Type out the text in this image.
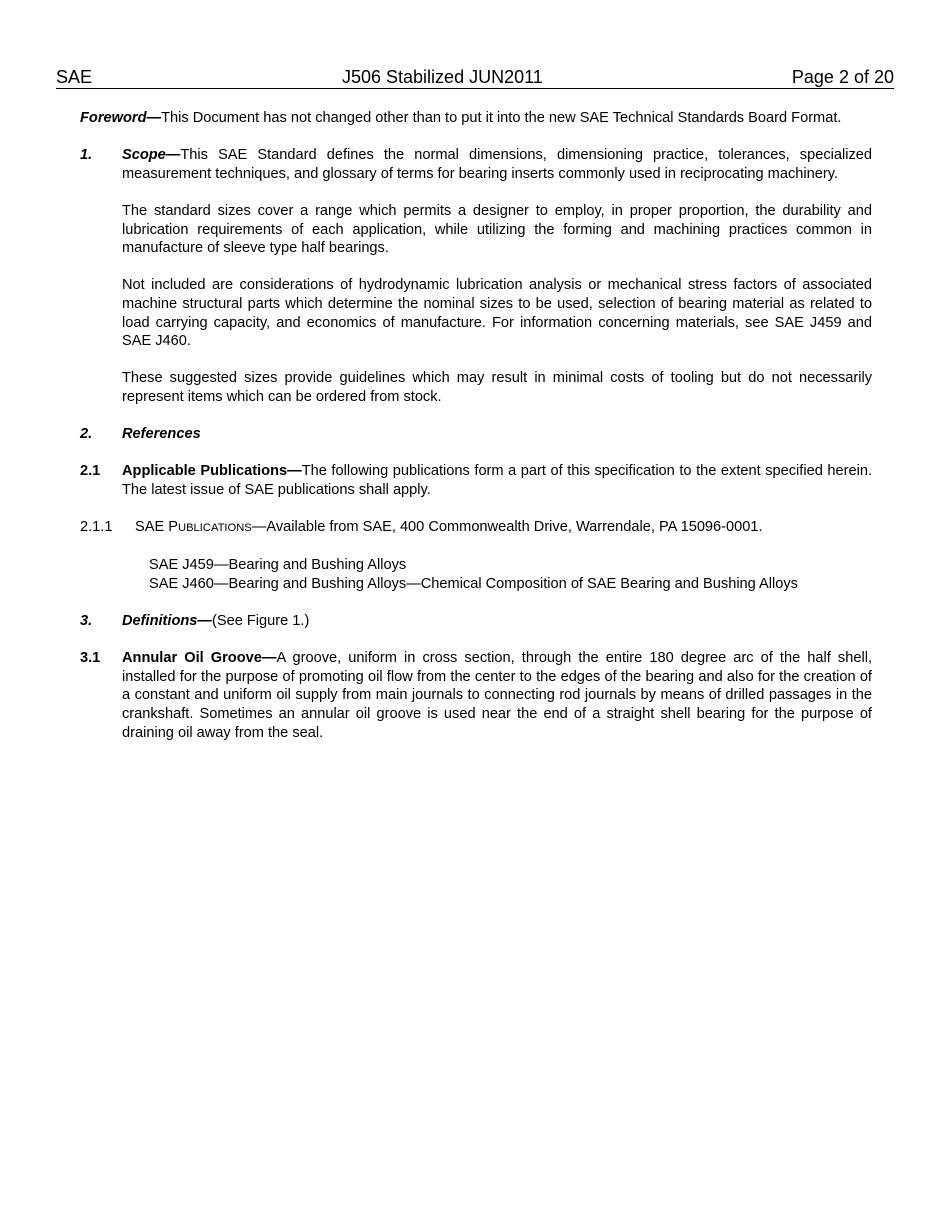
SAE	J506 Stabilized JUN2011	Page 2 of 20

Foreword—This Document has not changed other than to put it into the new SAE Technical Standards Board Format.

1. Scope—This SAE Standard defines the normal dimensions, dimensioning practice, tolerances, specialized measurement techniques, and glossary of terms for bearing inserts commonly used in reciprocating machinery.

The standard sizes cover a range which permits a designer to employ, in proper proportion, the durability and lubrication requirements of each application, while utilizing the forming and machining practices common in manufacture of sleeve type half bearings.

Not included are considerations of hydrodynamic lubrication analysis or mechanical stress factors of associated machine structural parts which determine the nominal sizes to be used, selection of bearing material as related to load carrying capacity, and economics of manufacture. For information concerning materials, see SAE J459 and SAE J460.

These suggested sizes provide guidelines which may result in minimal costs of tooling but do not necessarily represent items which can be ordered from stock.

2. References

2.1 Applicable Publications—The following publications form a part of this specification to the extent specified herein. The latest issue of SAE publications shall apply.

2.1.1 SAE PUBLICATIONS—Available from SAE, 400 Commonwealth Drive, Warrendale, PA 15096-0001.

SAE J459—Bearing and Bushing Alloys
SAE J460—Bearing and Bushing Alloys—Chemical Composition of SAE Bearing and Bushing Alloys
3. Definitions—(See Figure 1.)

3.1 Annular Oil Groove—A groove, uniform in cross section, through the entire 180 degree arc of the half shell, installed for the purpose of promoting oil flow from the center to the edges of the bearing and also for the creation of a constant and uniform oil supply from main journals to connecting rod journals by means of drilled passages in the crankshaft. Sometimes an annular oil groove is used near the end of a straight shell bearing for the purpose of draining oil away from the seal.
